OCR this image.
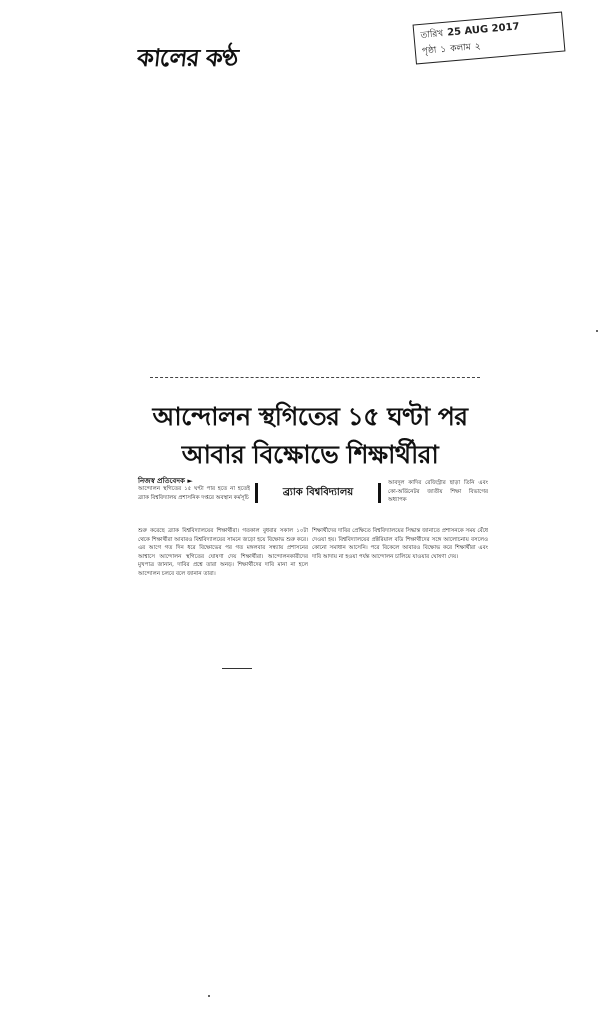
কালের কণ্ঠ
তারিখ 25 AUG 2017
পৃষ্ঠা ১ কলাম ২
আন্দোলন স্থগিতের ১৫ ঘণ্টা পর
আবার বিক্ষোভে শিক্ষার্থীরা
নিজস্ব প্রতিবেদক ►
ব্র্যাক বিশ্ববিদ্যালয়
আন্দোলন স্থগিতের ১৫ ঘণ্টা পার হতে না হতেই ব্র্যাক বিশ্ববিদ্যালয় প্রশাসনিক দপ্তরে অবস্থান কর্মসূচি
আবদুল কাদির রেজিস্ট্রার ছাড়া তিনি এবং কো-অর্ডিনেটর জাতীয় শিক্ষা বিভাগের অধ্যাপক
শুরু করেছে ব্র্যাক বিশ্ববিদ্যালয়ের শিক্ষার্থীরা। গতকাল বুধবার সকাল ১০টা থেকে শিক্ষার্থীরা আবারও বিশ্ববিদ্যালয়ের সামনে জড়ো হয়ে বিক্ষোভ শুরু করে। এর আগে গত দিন ধরে বিক্ষোভের পর গত মঙ্গলবার সন্ধ্যায় প্রশাসনের আশ্বাসে আন্দোলন স্থগিতের ঘোষণা দেয় শিক্ষার্থীরা। আন্দোলনকারীদের মুখপাত্র জানান, দাবির প্রশ্নে তারা অনড়। শিক্ষার্থীদের দাবি মানা না হলে আন্দোলন চলবে বলে জানান তারা।
শিক্ষার্থীদের দাবির প্রেক্ষিতে বিশ্ববিদ্যালয়ের সিদ্ধান্ত জানাতে প্রশাসনকে সময় বেঁধে দেওয়া হয়। বিশ্ববিদ্যালয়ের প্রক্টরিয়াল বডি শিক্ষার্থীদের সঙ্গে আলোচনায় বসলেও কোনো সমাধান আসেনি। পরে বিকেলে আবারও বিক্ষোভ করে শিক্ষার্থীরা এবং দাবি আদায় না হওয়া পর্যন্ত আন্দোলন চালিয়ে যাওয়ার ঘোষণা দেয়।
